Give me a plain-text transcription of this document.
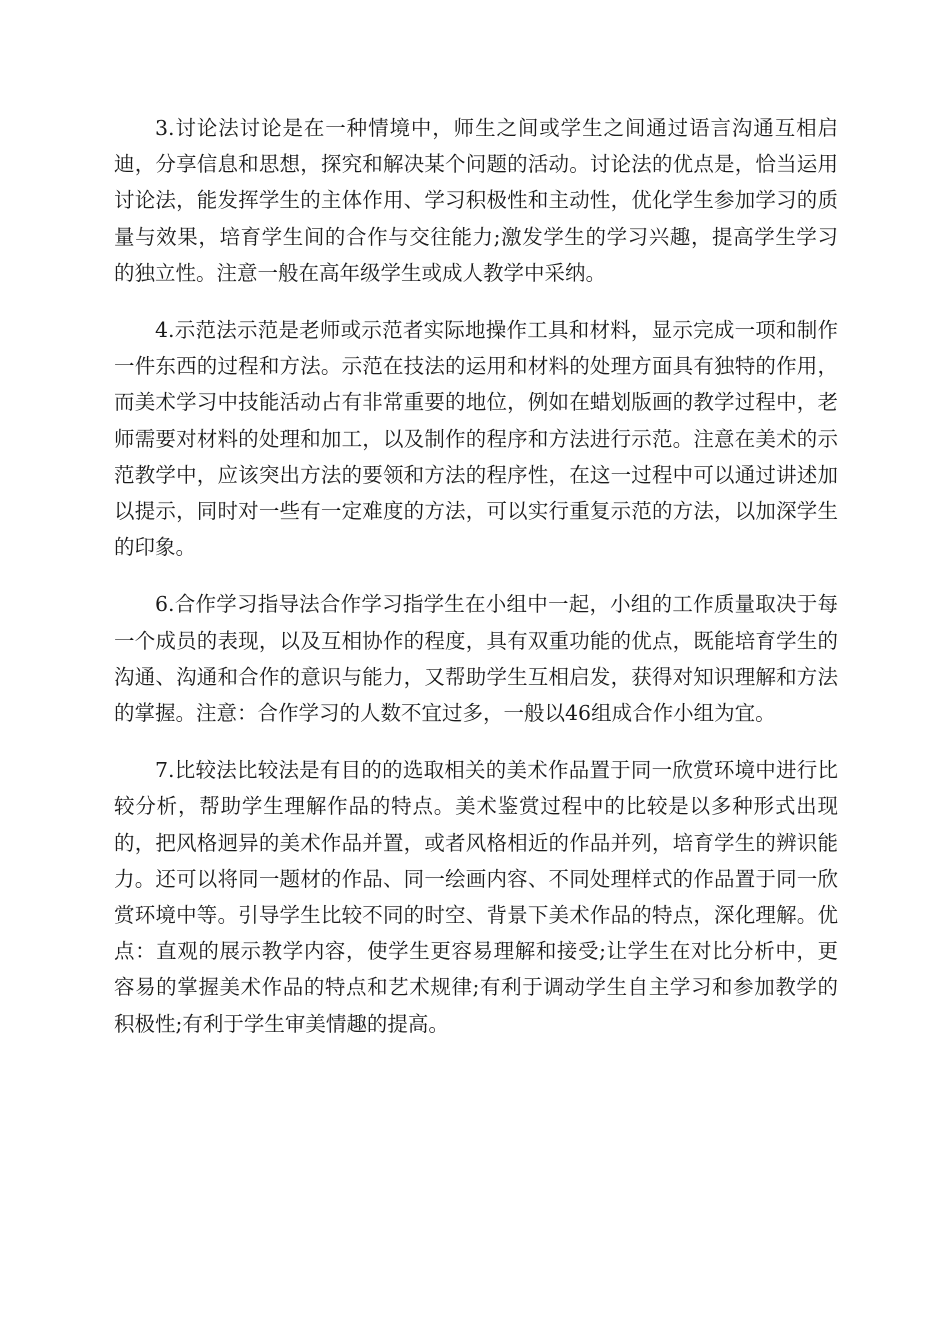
3.讨论法讨论是在一种情境中，师生之间或学生之间通过语言沟通互相启迪，分享信息和思想，探究和解决某个问题的活动。讨论法的优点是，恰当运用讨论法，能发挥学生的主体作用、学习积极性和主动性，优化学生参加学习的质量与效果，培育学生间的合作与交往能力;激发学生的学习兴趣，提高学生学习的独立性。注意一般在高年级学生或成人教学中采纳。

4.示范法示范是老师或示范者实际地操作工具和材料，显示完成一项和制作一件东西的过程和方法。示范在技法的运用和材料的处理方面具有独特的作用，而美术学习中技能活动占有非常重要的地位，例如在蜡划版画的教学过程中，老师需要对材料的处理和加工，以及制作的程序和方法进行示范。注意在美术的示范教学中，应该突出方法的要领和方法的程序性，在这一过程中可以通过讲述加以提示，同时对一些有一定难度的方法，可以实行重复示范的方法，以加深学生的印象。

6.合作学习指导法合作学习指学生在小组中一起，小组的工作质量取决于每一个成员的表现，以及互相协作的程度，具有双重功能的优点，既能培育学生的沟通、沟通和合作的意识与能力，又帮助学生互相启发，获得对知识理解和方法的掌握。注意：合作学习的人数不宜过多，一般以46组成合作小组为宜。

7.比较法比较法是有目的的选取相关的美术作品置于同一欣赏环境中进行比较分析，帮助学生理解作品的特点。美术鉴赏过程中的比较是以多种形式出现的，把风格迥异的美术作品并置，或者风格相近的作品并列，培育学生的辨识能力。还可以将同一题材的作品、同一绘画内容、不同处理样式的作品置于同一欣赏环境中等。引导学生比较不同的时空、背景下美术作品的特点，深化理解。优点：直观的展示教学内容，使学生更容易理解和接受;让学生在对比分析中，更容易的掌握美术作品的特点和艺术规律;有利于调动学生自主学习和参加教学的积极性;有利于学生审美情趣的提高。
